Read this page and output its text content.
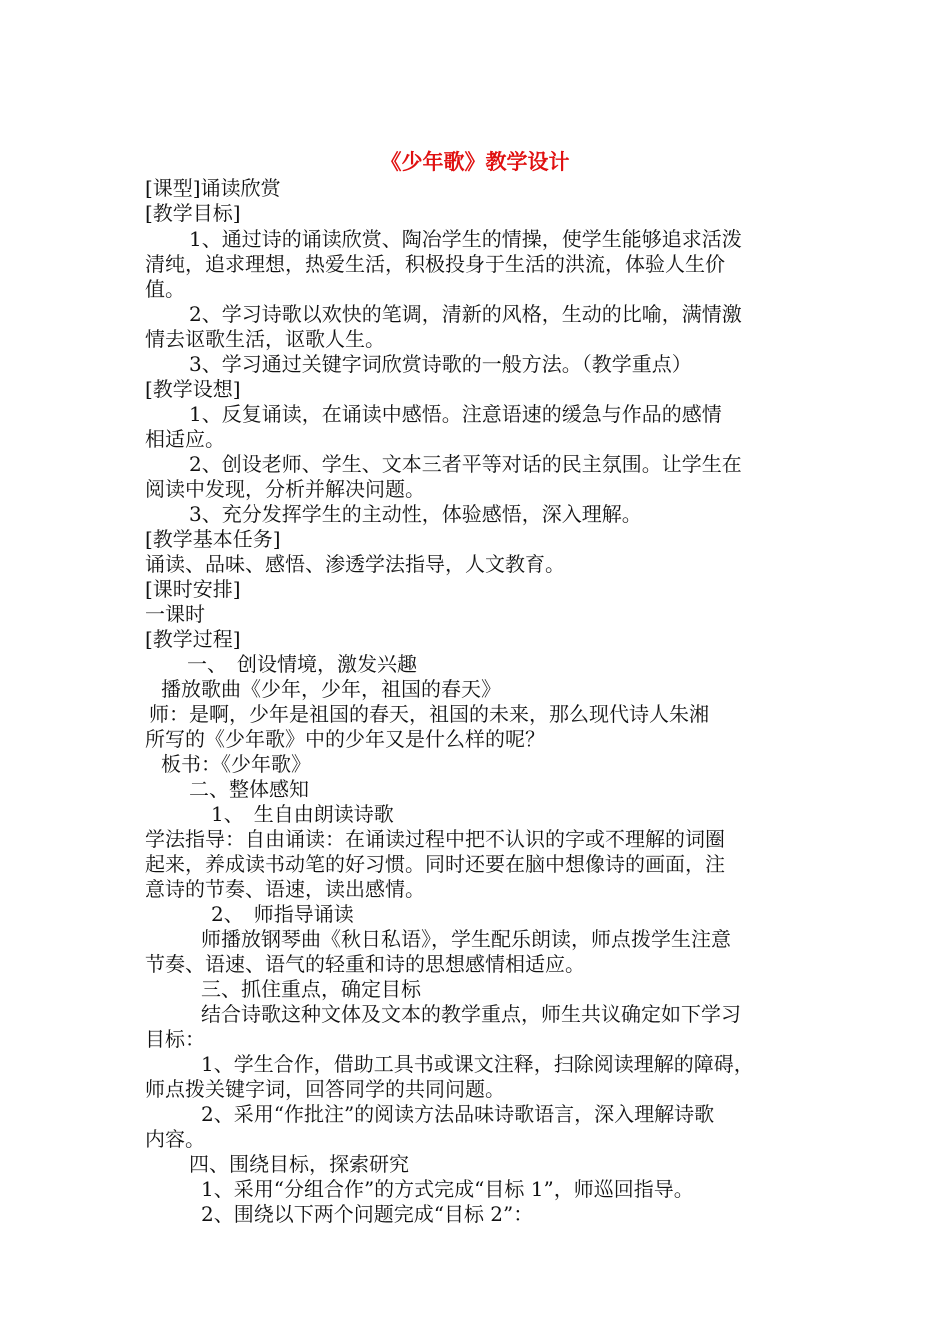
《少年歌》教学设计
[课型]诵读欣赏
[教学目标]
1、通过诗的诵读欣赏、陶冶学生的情操，使学生能够追求活泼
清纯，追求理想，热爱生活，积极投身于生活的洪流，体验人生价
值。
2、学习诗歌以欢快的笔调，清新的风格，生动的比喻，满情激
情去讴歌生活，讴歌人生。
3、学习通过关键字词欣赏诗歌的一般方法。（教学重点）
[教学设想]
1、反复诵读，在诵读中感悟。注意语速的缓急与作品的感情
相适应。
2、创设老师、学生、文本三者平等对话的民主氛围。让学生在
阅读中发现，分析并解决问题。
3、充分发挥学生的主动性，体验感悟，深入理解。
[教学基本任务]
诵读、品味、感悟、渗透学法指导，人文教育。
[课时安排]
一课时
[教学过程]
一、　创设情境，激发兴趣
播放歌曲《少年，少年，祖国的春天》
师：是啊，少年是祖国的春天，祖国的未来，那么现代诗人朱湘
所写的《少年歌》中的少年又是什么样的呢？
板书：《少年歌》
二、整体感知
1、　生自由朗读诗歌
学法指导：自由诵读：在诵读过程中把不认识的字或不理解的词圈
起来，养成读书动笔的好习惯。同时还要在脑中想像诗的画面，注
意诗的节奏、语速，读出感情。
2、　师指导诵读
师播放钢琴曲《秋日私语》，学生配乐朗读，师点拨学生注意
节奏、语速、语气的轻重和诗的思想感情相适应。
三、抓住重点，确定目标
结合诗歌这种文体及文本的教学重点，师生共议确定如下学习
目标：
1、学生合作，借助工具书或课文注释，扫除阅读理解的障碍，
师点拨关键字词，回答同学的共同问题。
2、采用“作批注”的阅读方法品味诗歌语言，深入理解诗歌
内容。
四、围绕目标，探索研究
1、采用“分组合作”的方式完成“目标 1”，师巡回指导。
2、围绕以下两个问题完成“目标 2”：
